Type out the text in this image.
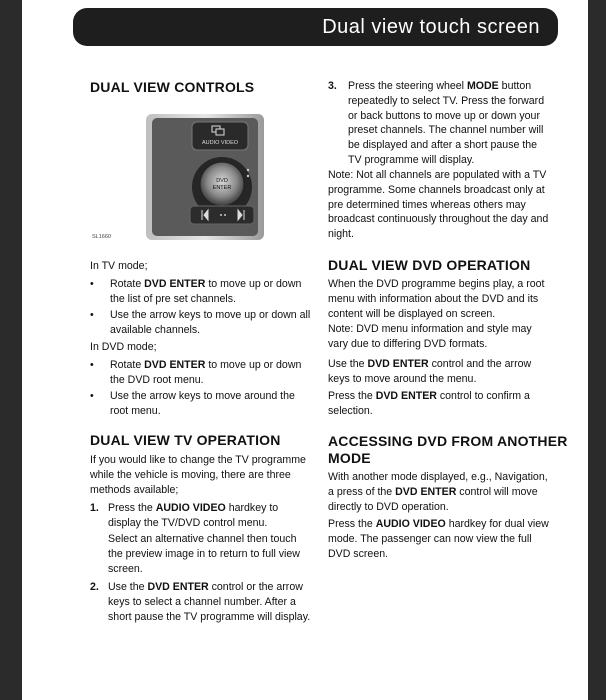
Dual view touch screen
DUAL VIEW CONTROLS
AUDIO VIDEO
DVD
ENTER
SL1660
In TV mode;
•	Rotate DVD ENTER to move up or down the list of pre set channels.
•	Use the arrow keys to move up or down all available channels.
In DVD mode;
•	Rotate DVD ENTER to move up or down the DVD root menu.
•	Use the arrow keys to move around the root menu.
DUAL VIEW TV OPERATION
If you would like to change the TV programme while the vehicle is moving, there are three methods available;
1. Press the AUDIO VIDEO hardkey to display the TV/DVD control menu.
Select an alternative channel then touch the preview image in to return to full view screen.
2. Use the DVD ENTER control or the arrow keys to select a channel number. After a short pause the TV programme will display.
3. Press the steering wheel MODE button repeatedly to select TV. Press the forward or back buttons to move up or down your preset channels. The channel number will be displayed and after a short pause the TV programme will display.
Note: Not all channels are populated with a TV programme. Some channels broadcast only at pre determined times whereas others may broadcast continuously throughout the day and night.
DUAL VIEW DVD OPERATION
When the DVD programme begins play, a root menu with information about the DVD and its content will be displayed on screen.
Note: DVD menu information and style may vary due to differing DVD formats.
Use the DVD ENTER control and the arrow keys to move around the menu.
Press the DVD ENTER control to confirm a selection.
ACCESSING DVD FROM ANOTHER
MODE
With another mode displayed, e.g., Navigation, a press of the DVD ENTER control will move directly to DVD operation.
Press the AUDIO VIDEO hardkey for dual view mode. The passenger can now view the full DVD screen.
